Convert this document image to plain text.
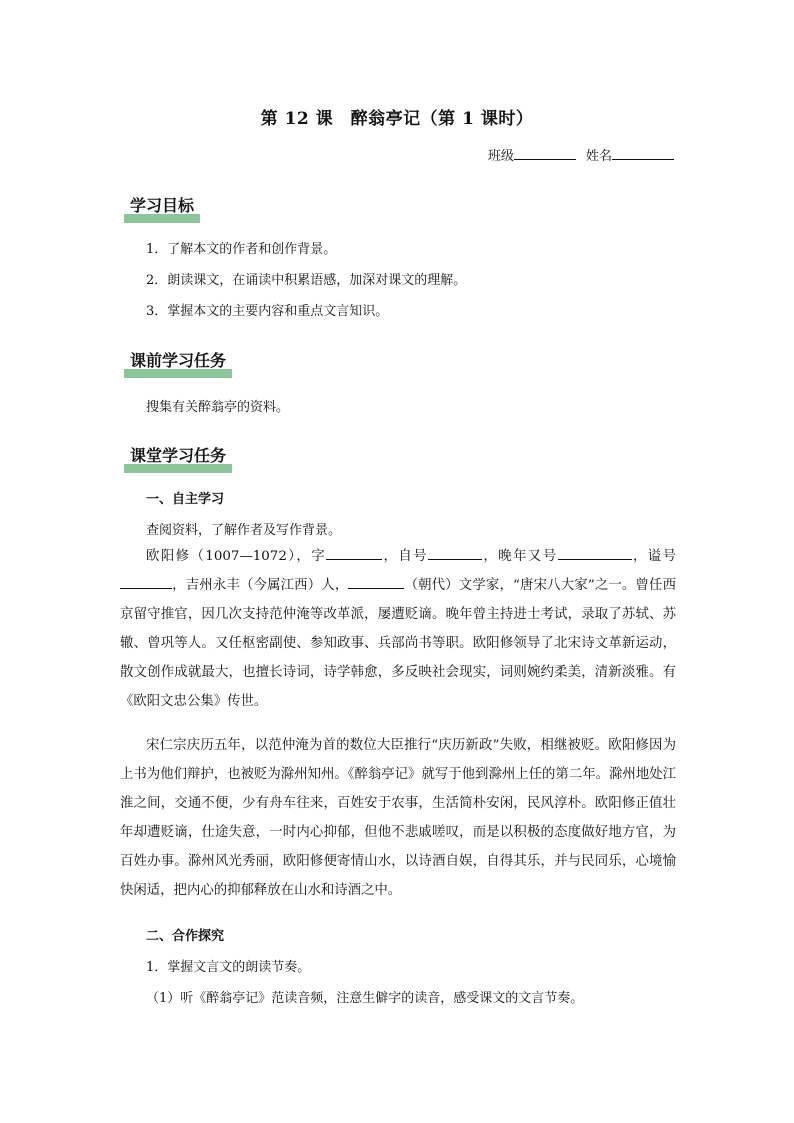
第 12 课　醉翁亭记（第 1 课时）
班级	姓名
学习目标
1．了解本文的作者和创作背景。
2．朗读课文，在诵读中积累语感，加深对课文的理解。
3．掌握本文的主要内容和重点文言知识。
课前学习任务
搜集有关醉翁亭的资料。
课堂学习任务
一、自主学习
查阅资料，了解作者及写作背景。
欧阳修（1007—1072），字	，自号	，晚年又号	，谥号，吉州永丰（今属江西）人，	（朝代）文学家，“唐宋八大家”之一。曾任西京留守推官，因几次支持范仲淹等改革派，屡遭贬谪。晚年曾主持进士考试，录取了苏轼、苏辙、曾巩等人。又任枢密副使、参知政事、兵部尚书等职。欧阳修领导了北宋诗文革新运动，散文创作成就最大，也擅长诗词，诗学韩愈，多反映社会现实，词则婉约柔美，清新淡雅。有《欧阳文忠公集》传世。
宋仁宗庆历五年，以范仲淹为首的数位大臣推行“庆历新政”失败，相继被贬。欧阳修因为上书为他们辩护，也被贬为滁州知州。《醉翁亭记》就写于他到滁州上任的第二年。滁州地处江淮之间，交通不便，少有舟车往来，百姓安于农事，生活简朴安闲，民风淳朴。欧阳修正值壮年却遭贬谪，仕途失意，一时内心抑郁，但他不悲戚嗟叹，而是以积极的态度做好地方官，为百姓办事。滁州风光秀丽，欧阳修便寄情山水，以诗酒自娱，自得其乐，并与民同乐，心境愉快闲适，把内心的抑郁释放在山水和诗酒之中。
二、合作探究
1．掌握文言文的朗读节奏。
（1）听《醉翁亭记》范读音频，注意生僻字的读音，感受课文的文言节奏。
